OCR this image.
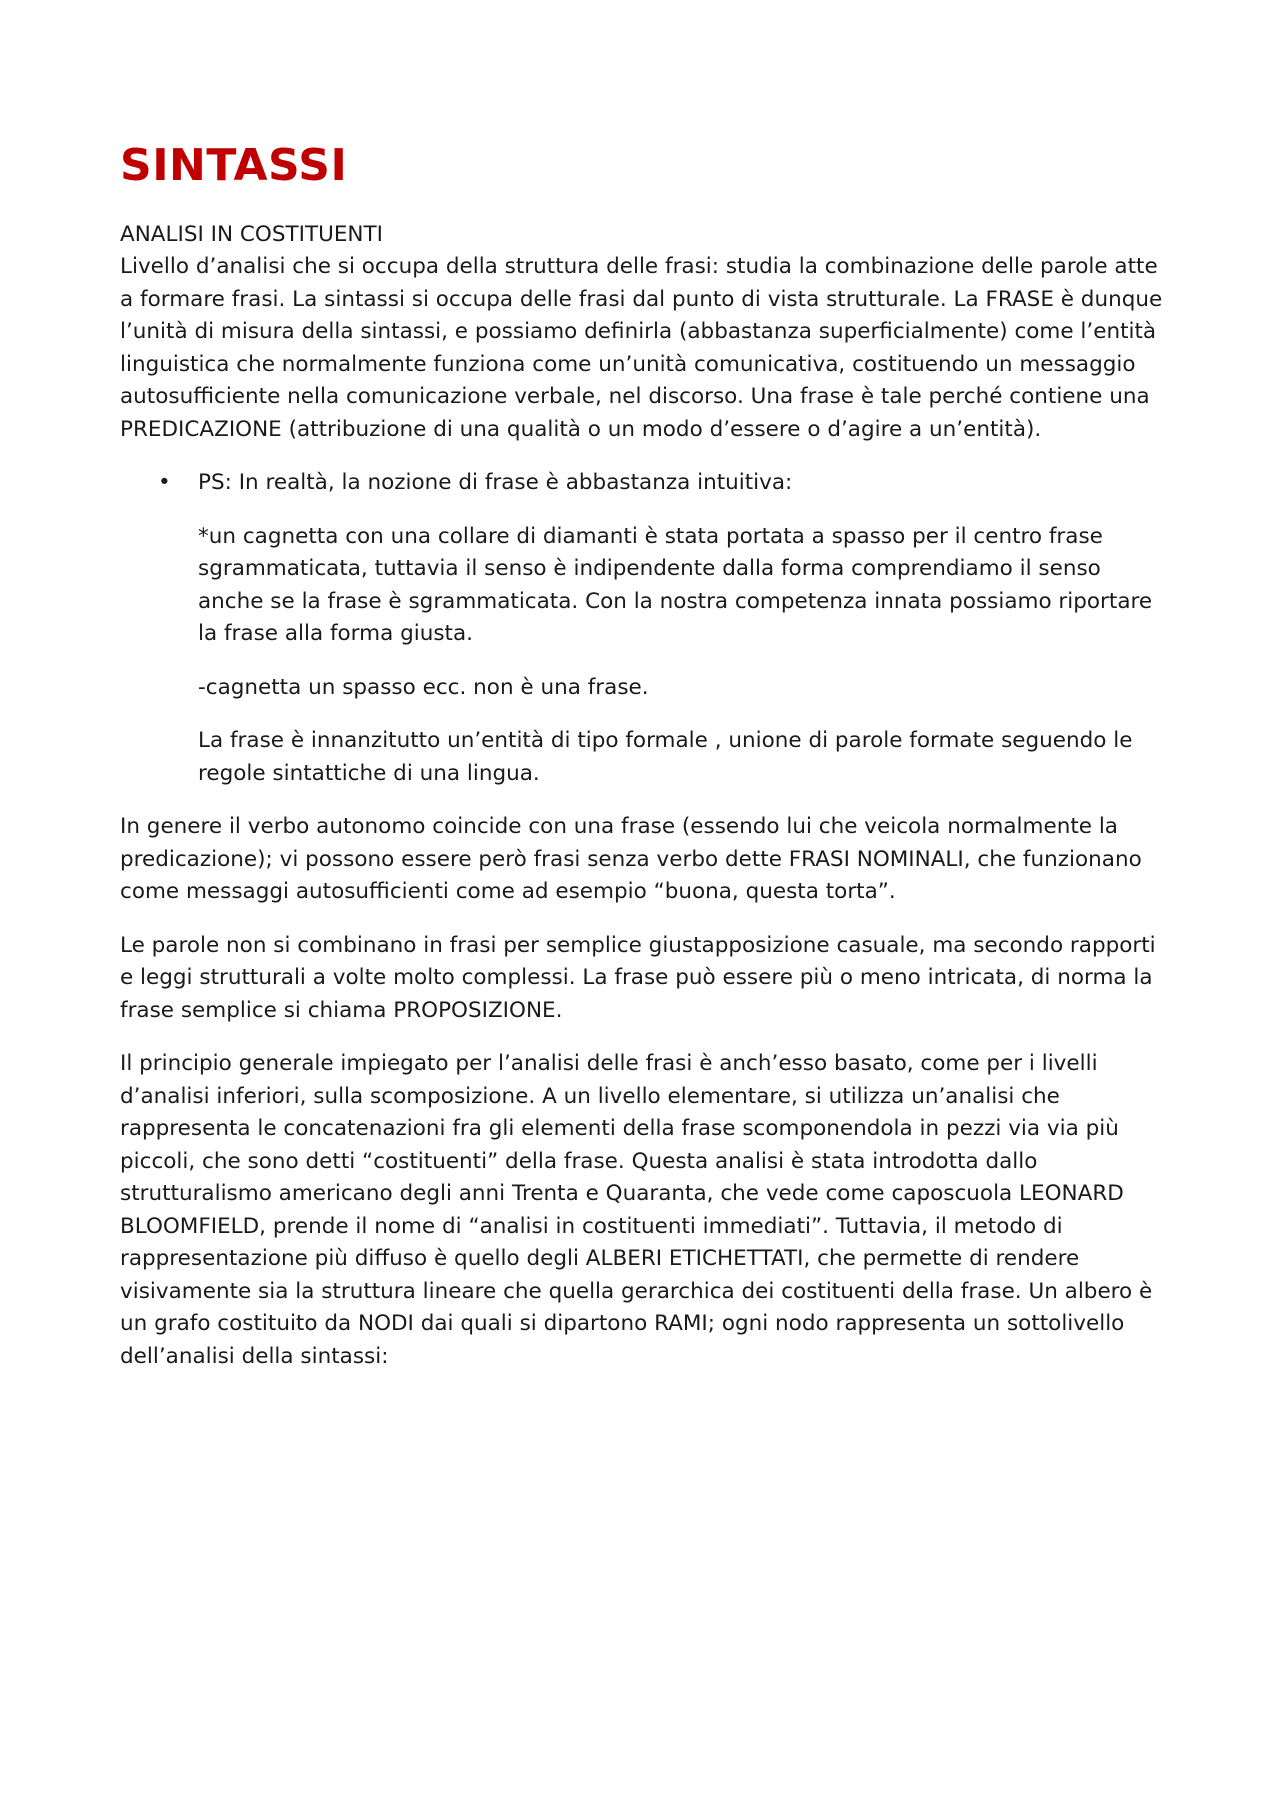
SINTASSI
ANALISI IN COSTITUENTI

Livello d’analisi che si occupa della struttura delle frasi: studia la combinazione delle parole atte a formare frasi. La sintassi si occupa delle frasi dal punto di vista strutturale. La FRASE è dunque l’unità di misura della sintassi, e possiamo definirla (abbastanza superficialmente) come l’entità linguistica che normalmente funziona come un’unità comunicativa, costituendo un messaggio autosufficiente nella comunicazione verbale, nel discorso. Una frase è tale perché contiene una PREDICAZIONE (attribuzione di una qualità o un modo d’essere o d’agire a un’entità).

• PS: In realtà, la nozione di frase è abbastanza intuitiva:

*un cagnetta con una collare di diamanti è stata portata a spasso per il centro frase sgrammaticata, tuttavia il senso è indipendente dalla forma comprendiamo il senso anche se la frase è sgrammaticata. Con la nostra competenza innata possiamo riportare la frase alla forma giusta.

-cagnetta un spasso ecc. non è una frase.

La frase è innanzitutto un’entità di tipo formale , unione di parole formate seguendo le regole sintattiche di una lingua.

In genere il verbo autonomo coincide con una frase (essendo lui che veicola normalmente la predicazione); vi possono essere però frasi senza verbo dette FRASI NOMINALI, che funzionano come messaggi autosufficienti come ad esempio “buona, questa torta”.

Le parole non si combinano in frasi per semplice giustapposizione casuale, ma secondo rapporti e leggi strutturali a volte molto complessi. La frase può essere più o meno intricata, di norma la frase semplice si chiama PROPOSIZIONE.

Il principio generale impiegato per l’analisi delle frasi è anch’esso basato, come per i livelli d’analisi inferiori, sulla scomposizione. A un livello elementare, si utilizza un’analisi che rappresenta le concatenazioni fra gli elementi della frase scomponendola in pezzi via via più piccoli, che sono detti “costituenti” della frase. Questa analisi è stata introdotta dallo strutturalismo americano degli anni Trenta e Quaranta, che vede come caposcuola LEONARD BLOOMFIELD, prende il nome di “analisi in costituenti immediati”. Tuttavia, il metodo di rappresentazione più diffuso è quello degli ALBERI ETICHETTATI, che permette di rendere visivamente sia la struttura lineare che quella gerarchica dei costituenti della frase. Un albero è un grafo costituito da NODI dai quali si dipartono RAMI; ogni nodo rappresenta un sottolivello dell’analisi della sintassi:
